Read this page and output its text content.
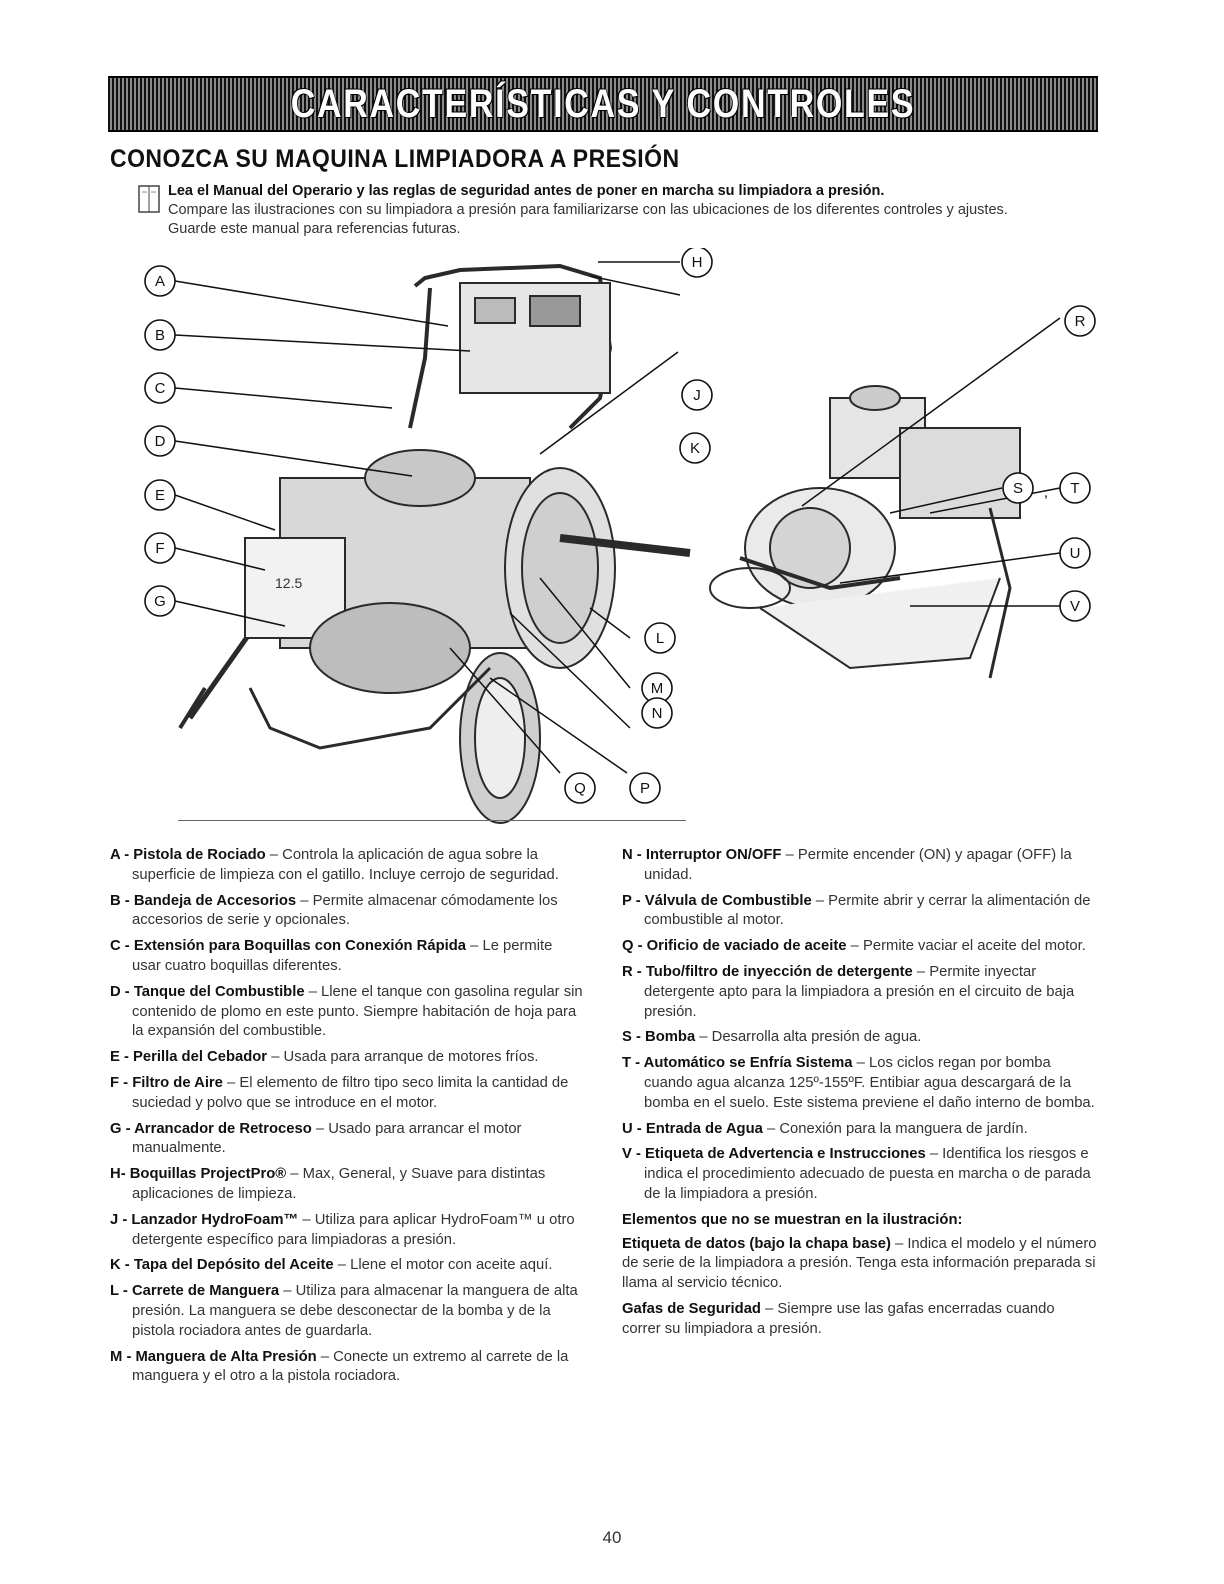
CARACTERÍSTICAS Y CONTROLES
CONOZCA SU MAQUINA LIMPIADORA A PRESIÓN
Lea el Manual del Operario y las reglas de seguridad antes de poner en marcha su limpiadora a presión.
Compare las ilustraciones con su limpiadora a presión para familiarizarse con las ubicaciones de los diferentes controles y ajustes.
Guarde este manual para referencias futuras.
12.5
A
B
C
D
E
F
G
H
J
K
L
M
N
Q	P
R
S , T
U
V
A - Pistola de Rociado – Controla la aplicación de agua sobre la superficie de limpieza con el gatillo. Incluye cerrojo de seguridad.
B - Bandeja de Accesorios – Permite almacenar cómodamente los accesorios de serie y opcionales.
C - Extensión para Boquillas con Conexión Rápida – Le permite usar cuatro boquillas diferentes.
D - Tanque del Combustible – Llene el tanque con gasolina regular sin contenido de plomo en este punto. Siempre habitación de hoja para la expansión del combustible.
E - Perilla del Cebador – Usada para arranque de motores fríos.
F - Filtro de Aire – El elemento de filtro tipo seco limita la cantidad de suciedad y polvo que se introduce en el motor.
G - Arrancador de Retroceso – Usado para arrancar el motor manualmente.
H- Boquillas ProjectPro® – Max, General, y Suave para distintas aplicaciones de limpieza.
J - Lanzador HydroFoam™ – Utiliza para aplicar HydroFoam™ u otro detergente específico para limpiadoras a presión.
K - Tapa del Depósito del Aceite – Llene el motor con aceite aquí.
L - Carrete de Manguera – Utiliza para almacenar la manguera de alta presión. La manguera se debe desconectar de la bomba y de la pistola rociadora antes de guardarla.
M - Manguera de Alta Presión – Conecte un extremo al carrete de la manguera y el otro a la pistola rociadora.
N - Interruptor ON/OFF – Permite encender (ON) y apagar (OFF) la unidad.
P - Válvula de Combustible – Permite abrir y cerrar la alimentación de combustible al motor.
Q - Orificio de vaciado de aceite – Permite vaciar el aceite del motor.
R - Tubo/filtro de inyección de detergente – Permite inyectar detergente apto para la limpiadora a presión en el circuito de baja presión.
S - Bomba – Desarrolla alta presión de agua.
T - Automático se Enfría Sistema – Los ciclos regan por bomba cuando agua alcanza 125º-155ºF. Entibiar agua descargará de la bomba en el suelo. Este sistema previene el daño interno de bomba.
U - Entrada de Agua – Conexión para la manguera de jardín.
V - Etiqueta de Advertencia e Instrucciones – Identifica los riesgos e indica el procedimiento adecuado de puesta en marcha o de parada de la limpiadora a presión.
Elementos que no se muestran en la ilustración:
Etiqueta de datos (bajo la chapa base) – Indica el modelo y el número de serie de la limpiadora a presión. Tenga esta información preparada si llama al servicio técnico.
Gafas de Seguridad – Siempre use las gafas encerradas cuando correr su limpiadora a presión.
40
